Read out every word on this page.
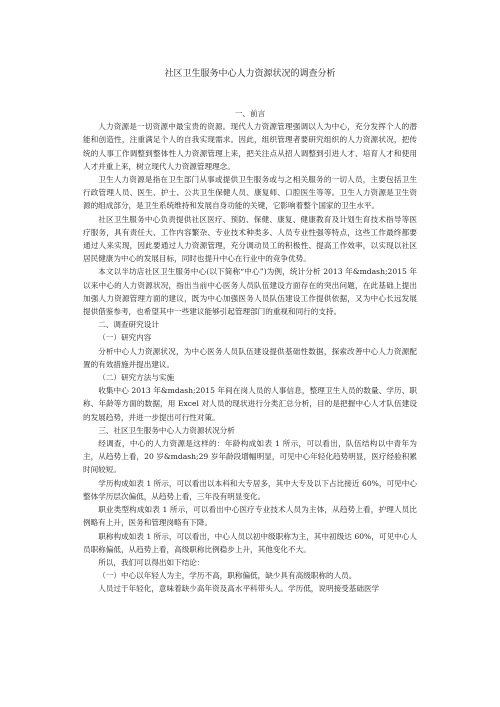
社区卫生服务中心人力资源状况的调查分析

一、前言

人力资源是一切资源中最宝贵的资源。现代人力资源管理强调以人为中心，充分发挥个人的潜能和创造性，注重满足个人的自我实现需求。因此，组织管理者要研究组织的人力资源状况，把传统的人事工作调整到整体性人力资源管理上来，把关注点从招人调整到引进人才、培育人才和使用人才并重上来，树立现代人力资源管理理念。

卫生人力资源是指在卫生部门从事或提供卫生服务或与之相关服务的一切人员，主要包括卫生行政管理人员、医生、护士、公共卫生保健人员、康复师、口腔医生等等。卫生人力资源是卫生资源的组成部分，是卫生系统维持和发展自身功能的关键，它影响着整个国家的卫生水平。

社区卫生服务中心负责提供社区医疗、预防、保健、康复、健康教育及计划生育技术指导等医疗服务，具有责任大、工作内容繁杂、专业技术种类多、人员专业性强等特点，这些工作最终都要通过人来实现，因此要通过人力资源管理，充分调动员工的积极性、提高工作效率，以实现以社区居民健康为中心的发展目标，同时也提升中心在行业中的竞争优势。

本文以半坊店社区卫生服务中心(以下简称“中心”)为例，统计分析 2013 年&mdash;2015 年以来中心的人力资源状况，指出当前中心医务人员队伍建设方面存在的突出问题，在此基础上提出加强人力资源管理方面的建议，既为中心加强医务人员队伍建设工作提供依据，又为中心长远发展提供借鉴参考，也希望其中一些建议能够引起管理部门的重视和同行的支持。

二、调查研究设计

（一）研究内容

分析中心人力资源状况，为中心医务人员队伍建设提供基础性数据，探索改善中心人力资源配置的有效措施并提出建议。

（二）研究方法与实施

收集中心 2013 年&mdash;2015 年间在岗人员的人事信息，整理卫生人员的数量、学历、职称、年龄等方面的数据，用 Excel 对人员的现状进行分类汇总分析，目的是把握中心人才队伍建设的发展趋势，并进一步提出可行性对策。

三、社区卫生服务中心人力资源状况分析

经调查，中心的人力资源是这样的：年龄构成如表 1 所示，可以看出，队伍结构以中青年为主，从趋势上看，20 岁&mdash;29 岁年龄段增幅明显，可见中心年轻化趋势明显，医疗经验积累时间较短。

学历构成如表 1 所示，可以看出以本科和大专居多，其中大专及以下占比接近 60%，可见中心整体学历层次偏低，从趋势上看，三年没有明显变化。

职业类型构成如表 1 所示，可以看出中心医疗专业技术人员为主体，从趋势上看，护理人员比例略有上升，医务和管理岗略有下降。

职称构成如表 1 所示，可以看出，中心人员以初中级职称为主，其中初级达 60%，可见中心人员职称偏低，从趋势上看，高级职称比例稳步上升，其他变化不大。

所以，我们可以得出如下结论：

（一）中心以年轻人为主，学历不高，职称偏低，缺少具有高级职称的人员。

人员过于年轻化，意味着缺少高年资及高水平科带头人。学历低，说明接受基础医学
